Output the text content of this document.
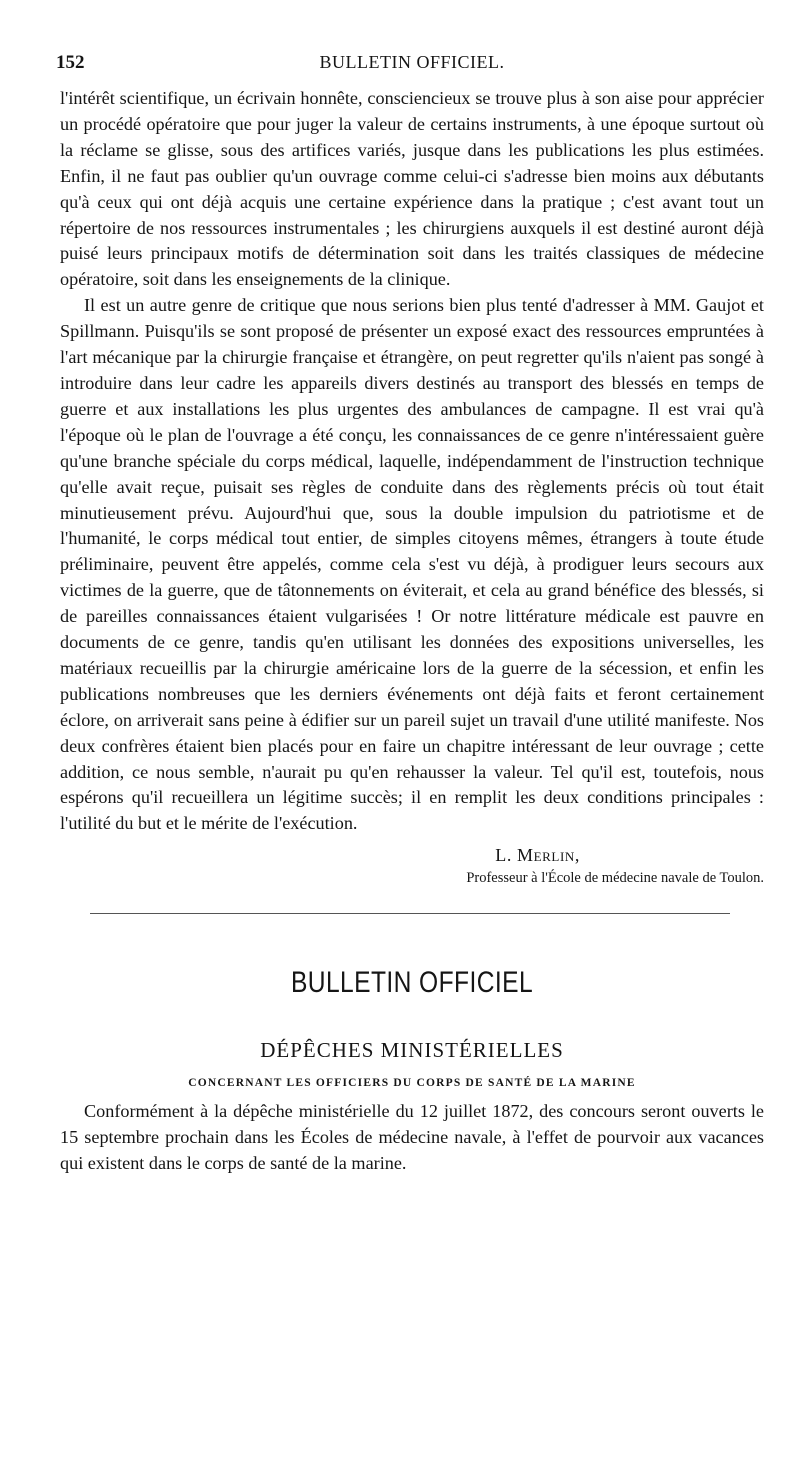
152	BULLETIN OFFICIEL.

l'intérêt scientifique, un écrivain honnête, consciencieux se trouve plus à son aise pour apprécier un procédé opératoire que pour juger la valeur de certains instruments, à une époque surtout où la réclame se glisse, sous des artifices variés, jusque dans les publications les plus estimées. Enfin, il ne faut pas oublier qu'un ouvrage comme celui-ci s'adresse bien moins aux débutants qu'à ceux qui ont déjà acquis une certaine expérience dans la pratique ; c'est avant tout un répertoire de nos ressources instrumentales ; les chirurgiens auxquels il est destiné auront déjà puisé leurs principaux motifs de détermination soit dans les traités classiques de médecine opératoire, soit dans les enseignements de la clinique.

Il est un autre genre de critique que nous serions bien plus tenté d'adresser à MM. Gaujot et Spillmann. Puisqu'ils se sont proposé de présenter un exposé exact des ressources empruntées à l'art mécanique par la chirurgie française et étrangère, on peut regretter qu'ils n'aient pas songé à introduire dans leur cadre les appareils divers destinés au transport des blessés en temps de guerre et aux installations les plus urgentes des ambulances de campagne. Il est vrai qu'à l'époque où le plan de l'ouvrage a été conçu, les connaissances de ce genre n'intéressaient guère qu'une branche spéciale du corps médical, laquelle, indépendamment de l'instruction technique qu'elle avait reçue, puisait ses règles de conduite dans des règlements précis où tout était minutieusement prévu. Aujourd'hui que, sous la double impulsion du patriotisme et de l'humanité, le corps médical tout entier, de simples citoyens mêmes, étrangers à toute étude préliminaire, peuvent être appelés, comme cela s'est vu déjà, à prodiguer leurs secours aux victimes de la guerre, que de tâtonnements on éviterait, et cela au grand bénéfice des blessés, si de pareilles connaissances étaient vulgarisées ! Or notre littérature médicale est pauvre en documents de ce genre, tandis qu'en utilisant les données des expositions universelles, les matériaux recueillis par la chirurgie américaine lors de la guerre de la sécession, et enfin les publications nombreuses que les derniers événements ont déjà faits et feront certainement éclore, on arriverait sans peine à édifier sur un pareil sujet un travail d'une utilité manifeste. Nos deux confrères étaient bien placés pour en faire un chapitre intéressant de leur ouvrage ; cette addition, ce nous semble, n'aurait pu qu'en rehausser la valeur. Tel qu'il est, toutefois, nous espérons qu'il recueillera un légitime succès; il en remplit les deux conditions principales : l'utilité du but et le mérite de l'exécution.

L. Merlin,
Professeur à l'École de médecine navale de Toulon.
BULLETIN OFFICIEL
DÉPÊCHES MINISTÉRIELLES
CONCERNANT LES OFFICIERS DU CORPS DE SANTÉ DE LA MARINE

Conformément à la dépêche ministérielle du 12 juillet 1872, des concours seront ouverts le 15 septembre prochain dans les Écoles de médecine navale, à l'effet de pourvoir aux vacances qui existent dans le corps de santé de la marine.
